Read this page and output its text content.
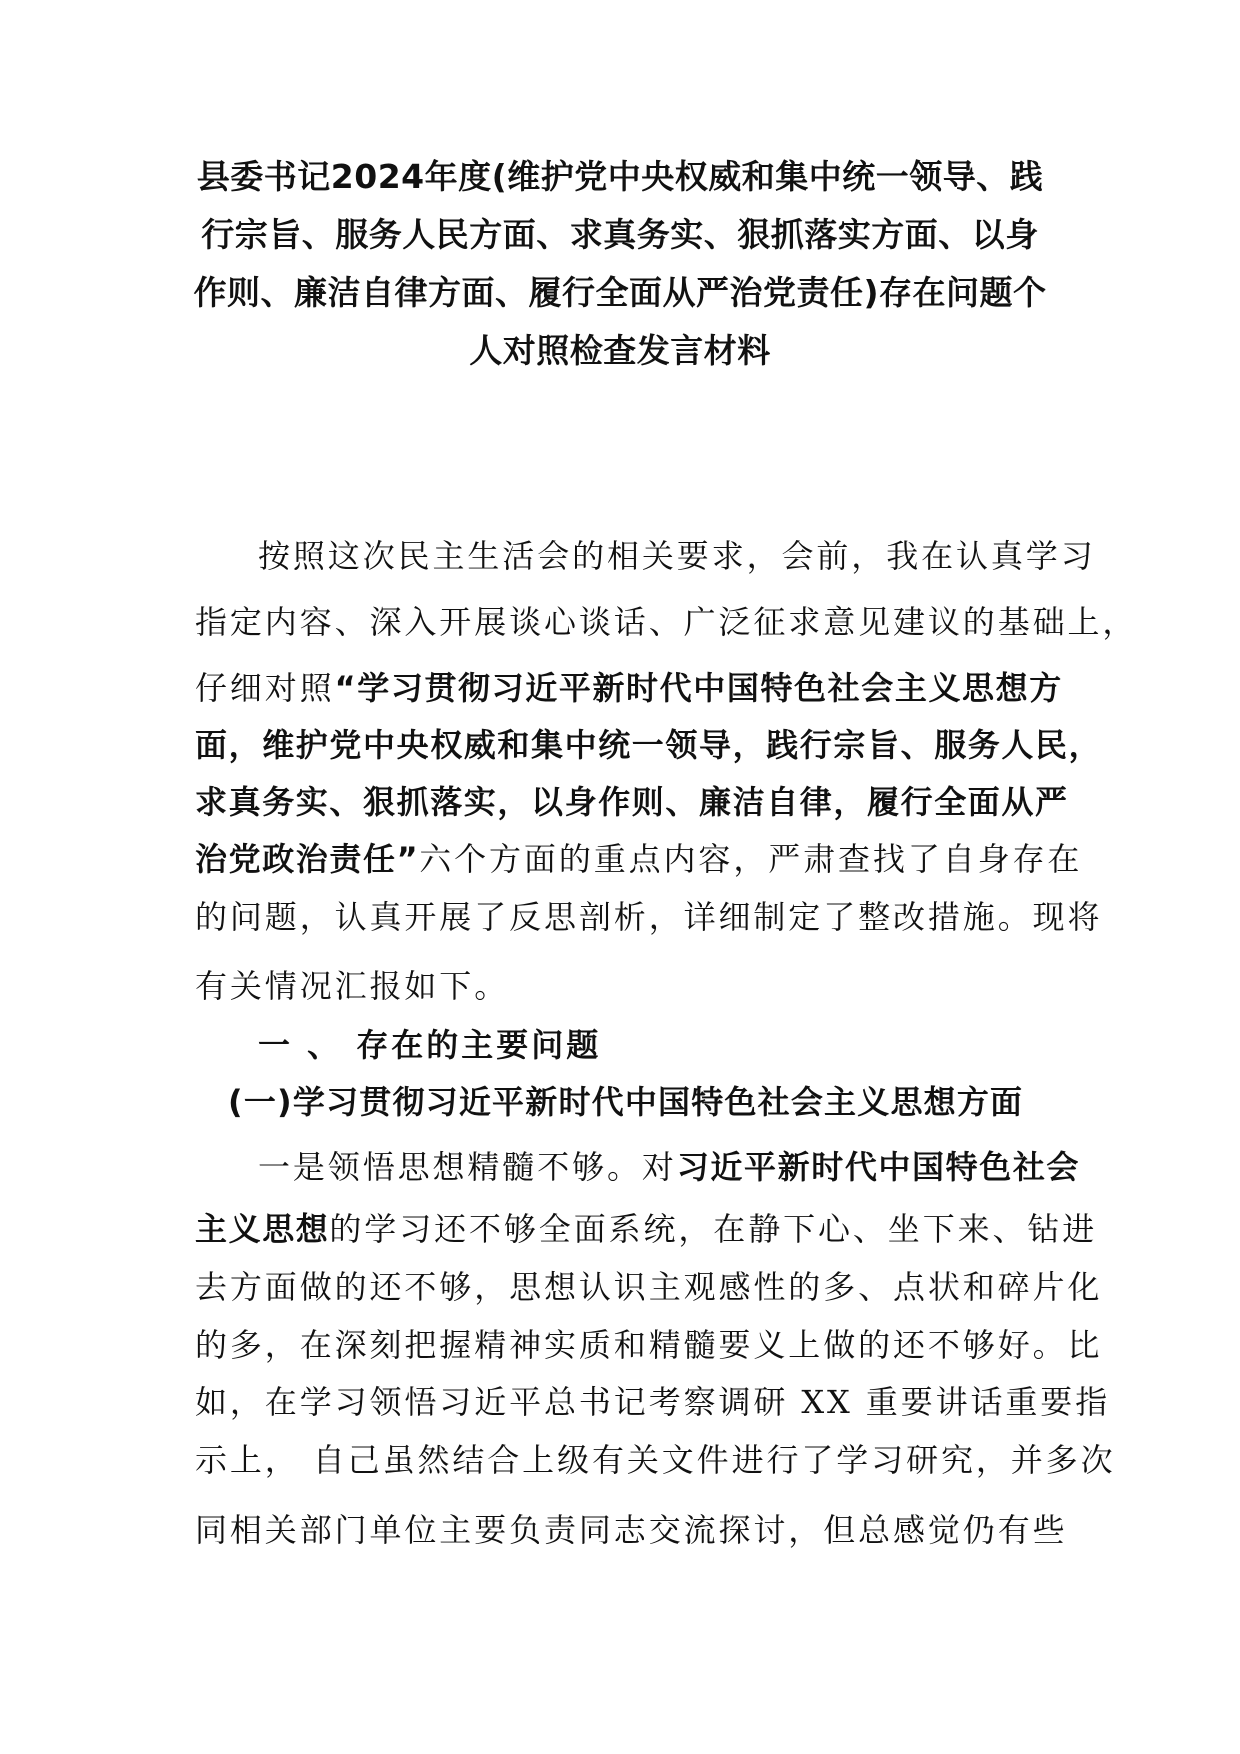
县委书记2024年度(维护党中央权威和集中统一领导、践
行宗旨、服务人民方面、求真务实、狠抓落实方面、以身
作则、廉洁自律方面、履行全面从严治党责任)存在问题个
人对照检查发言材料
按照这次民主生活会的相关要求，会前，我在认真学习
指定内容、深入开展谈心谈话、广泛征求意见建议的基础上，
仔细对照“学习贯彻习近平新时代中国特色社会主义思想方
面，维护党中央权威和集中统一领导，践行宗旨、服务人民，
求真务实、狠抓落实，以身作则、廉洁自律，履行全面从严
治党政治责任”六个方面的重点内容，严肃查找了自身存在
的问题，认真开展了反思剖析，详细制定了整改措施。现将
有关情况汇报如下。
一 、 存在的主要问题
(一)学习贯彻习近平新时代中国特色社会主义思想方面
一是领悟思想精髓不够。对习近平新时代中国特色社会
主义思想的学习还不够全面系统，在静下心、坐下来、钻进
去方面做的还不够，思想认识主观感性的多、点状和碎片化
的多，在深刻把握精神实质和精髓要义上做的还不够好。比
如，在学习领悟习近平总书记考察调研 XX 重要讲话重要指
示上， 自己虽然结合上级有关文件进行了学习研究，并多次
同相关部门单位主要负责同志交流探讨，但总感觉仍有些
